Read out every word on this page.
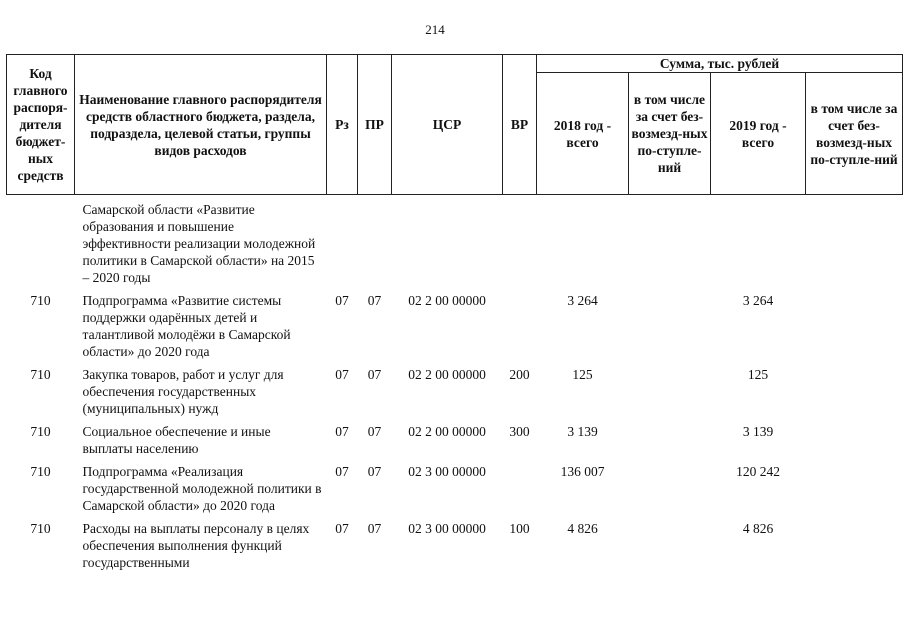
214
Код главного распоря-дителя бюджет-ных средств	Наименование главного распорядителя средств областного бюджета, раздела, подраздела, целевой статьи, группы видов расходов	Рз	ПР	ЦСР	ВР	Сумма, тыс. рублей			
						2018 год - всего	в том числе за счет без-возмезд-ных по-ступле-ний	2019 год - всего	в том числе за счет без-возмезд-ных по-ступле-ний

	Самарской области «Развитие образования и повышение эффективности реализации молодежной политики в Самарской области» на 2015 – 2020 годы								

710	Подпрограмма «Развитие системы поддержки одарённых детей и талантливой молодёжи в Самарской области» до 2020 года	07	07	02 2 00 00000		3 264		3 264	

710	Закупка товаров, работ и услуг для обеспечения государственных (муниципальных) нужд	07	07	02 2 00 00000	200	125		125	

710	Социальное обеспечение и иные выплаты населению	07	07	02 2 00 00000	300	3 139		3 139	

710	Подпрограмма «Реализация государственной молодежной политики в Самарской области» до 2020 года	07	07	02 3 00 00000		136 007		120 242	

710	Расходы на выплаты персоналу в целях обеспечения выполнения функций государственными	07	07	02 3 00 00000	100	4 826		4 826	
